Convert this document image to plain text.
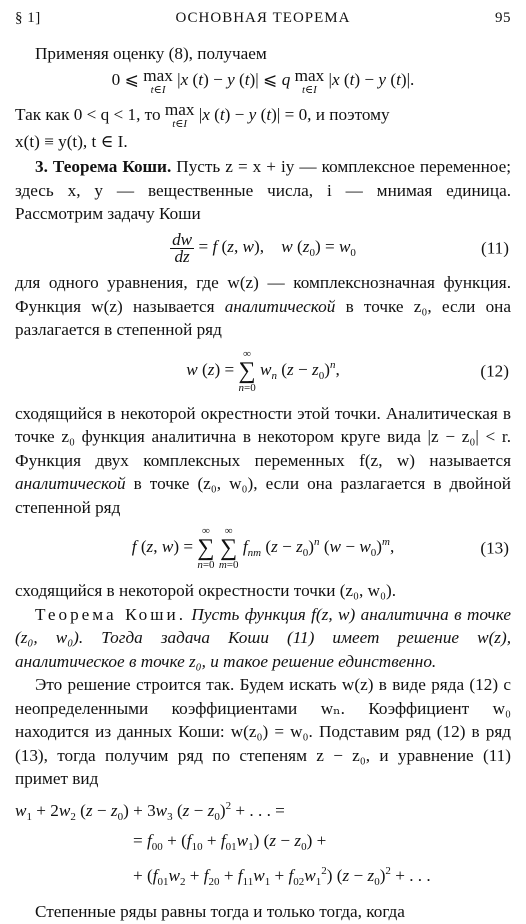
§ 1]	ОСНОВНАЯ ТЕОРЕМА	95

Применяя оценку (8), получаем

0 ⩽ max
t∈I
|x (t) − y (t)| ⩽ q max
t∈I
|x (t) − y (t)|.

Так как 0 < q < 1, то max
t∈I
|x (t) − y (t)| = 0, и поэтому

x(t) ≡ y(t), t ∈ I.

3. Теорема Коши. Пусть z = x + iy — комплексное переменное; здесь x, y — вещественные числа, i — мнимая единица. Рассмотрим задачу Коши

$\frac{dw}{dz} = f$ (z, w),    w $(z_0) = w_0$	(11)

для одного уравнения, где w(z) — комплекснозначная функция. Функция w(z) называется аналитической в точке z₀, если она разлагается в степенной ряд

w (z) =
∞
∑
n=0
$w_n$ $(z - z_0)^n$,	(12)

сходящийся в некоторой окрестности этой точки. Аналитическая в точке z₀ функция аналитична в некотором круге вида |z − z₀| < r. Функция двух комплексных переменных f(z, w) называется аналитической в точке (z₀, w₀), если она разлагается в двойной степенной ряд

f (z, w) =
∞
∑
n=0

∞
∑
m=0
$f_{nm}$ $(z - z_0)^n$ $(w - w_0)^m$,	(13)

сходящийся в некоторой окрестности точки (z₀, w₀).

Теорема Коши. Пусть функция f(z, w) аналитична в точке (z₀, w₀). Тогда задача Коши (11) имеет решение w(z), аналитическое в точке z₀, и такое решение единственно.

Это решение строится так. Будем искать w(z) в виде ряда (12) с неопределенными коэффициентами wₙ. Коэффициент w₀ находится из данных Коши: w(z₀) = w₀. Подставим ряд (12) в ряд (13), тогда получим ряд по степеням z − z₀, и уравнение (11) примет вид

$w_1 + 2w_2$ $(z - z_0) + 3w_3$ $(z - z_0)^2$ + . . . =
= $f_{00} + (f_{10} + f_{01}w_1) (z - z_0)$ +
+ $(f_{01}w_2 + f_{20} + f_{11}w_1 + f_{02}w_1^2) (z - z_0)^2$ + . . .

Степенные ряды равны тогда и только тогда, когда
